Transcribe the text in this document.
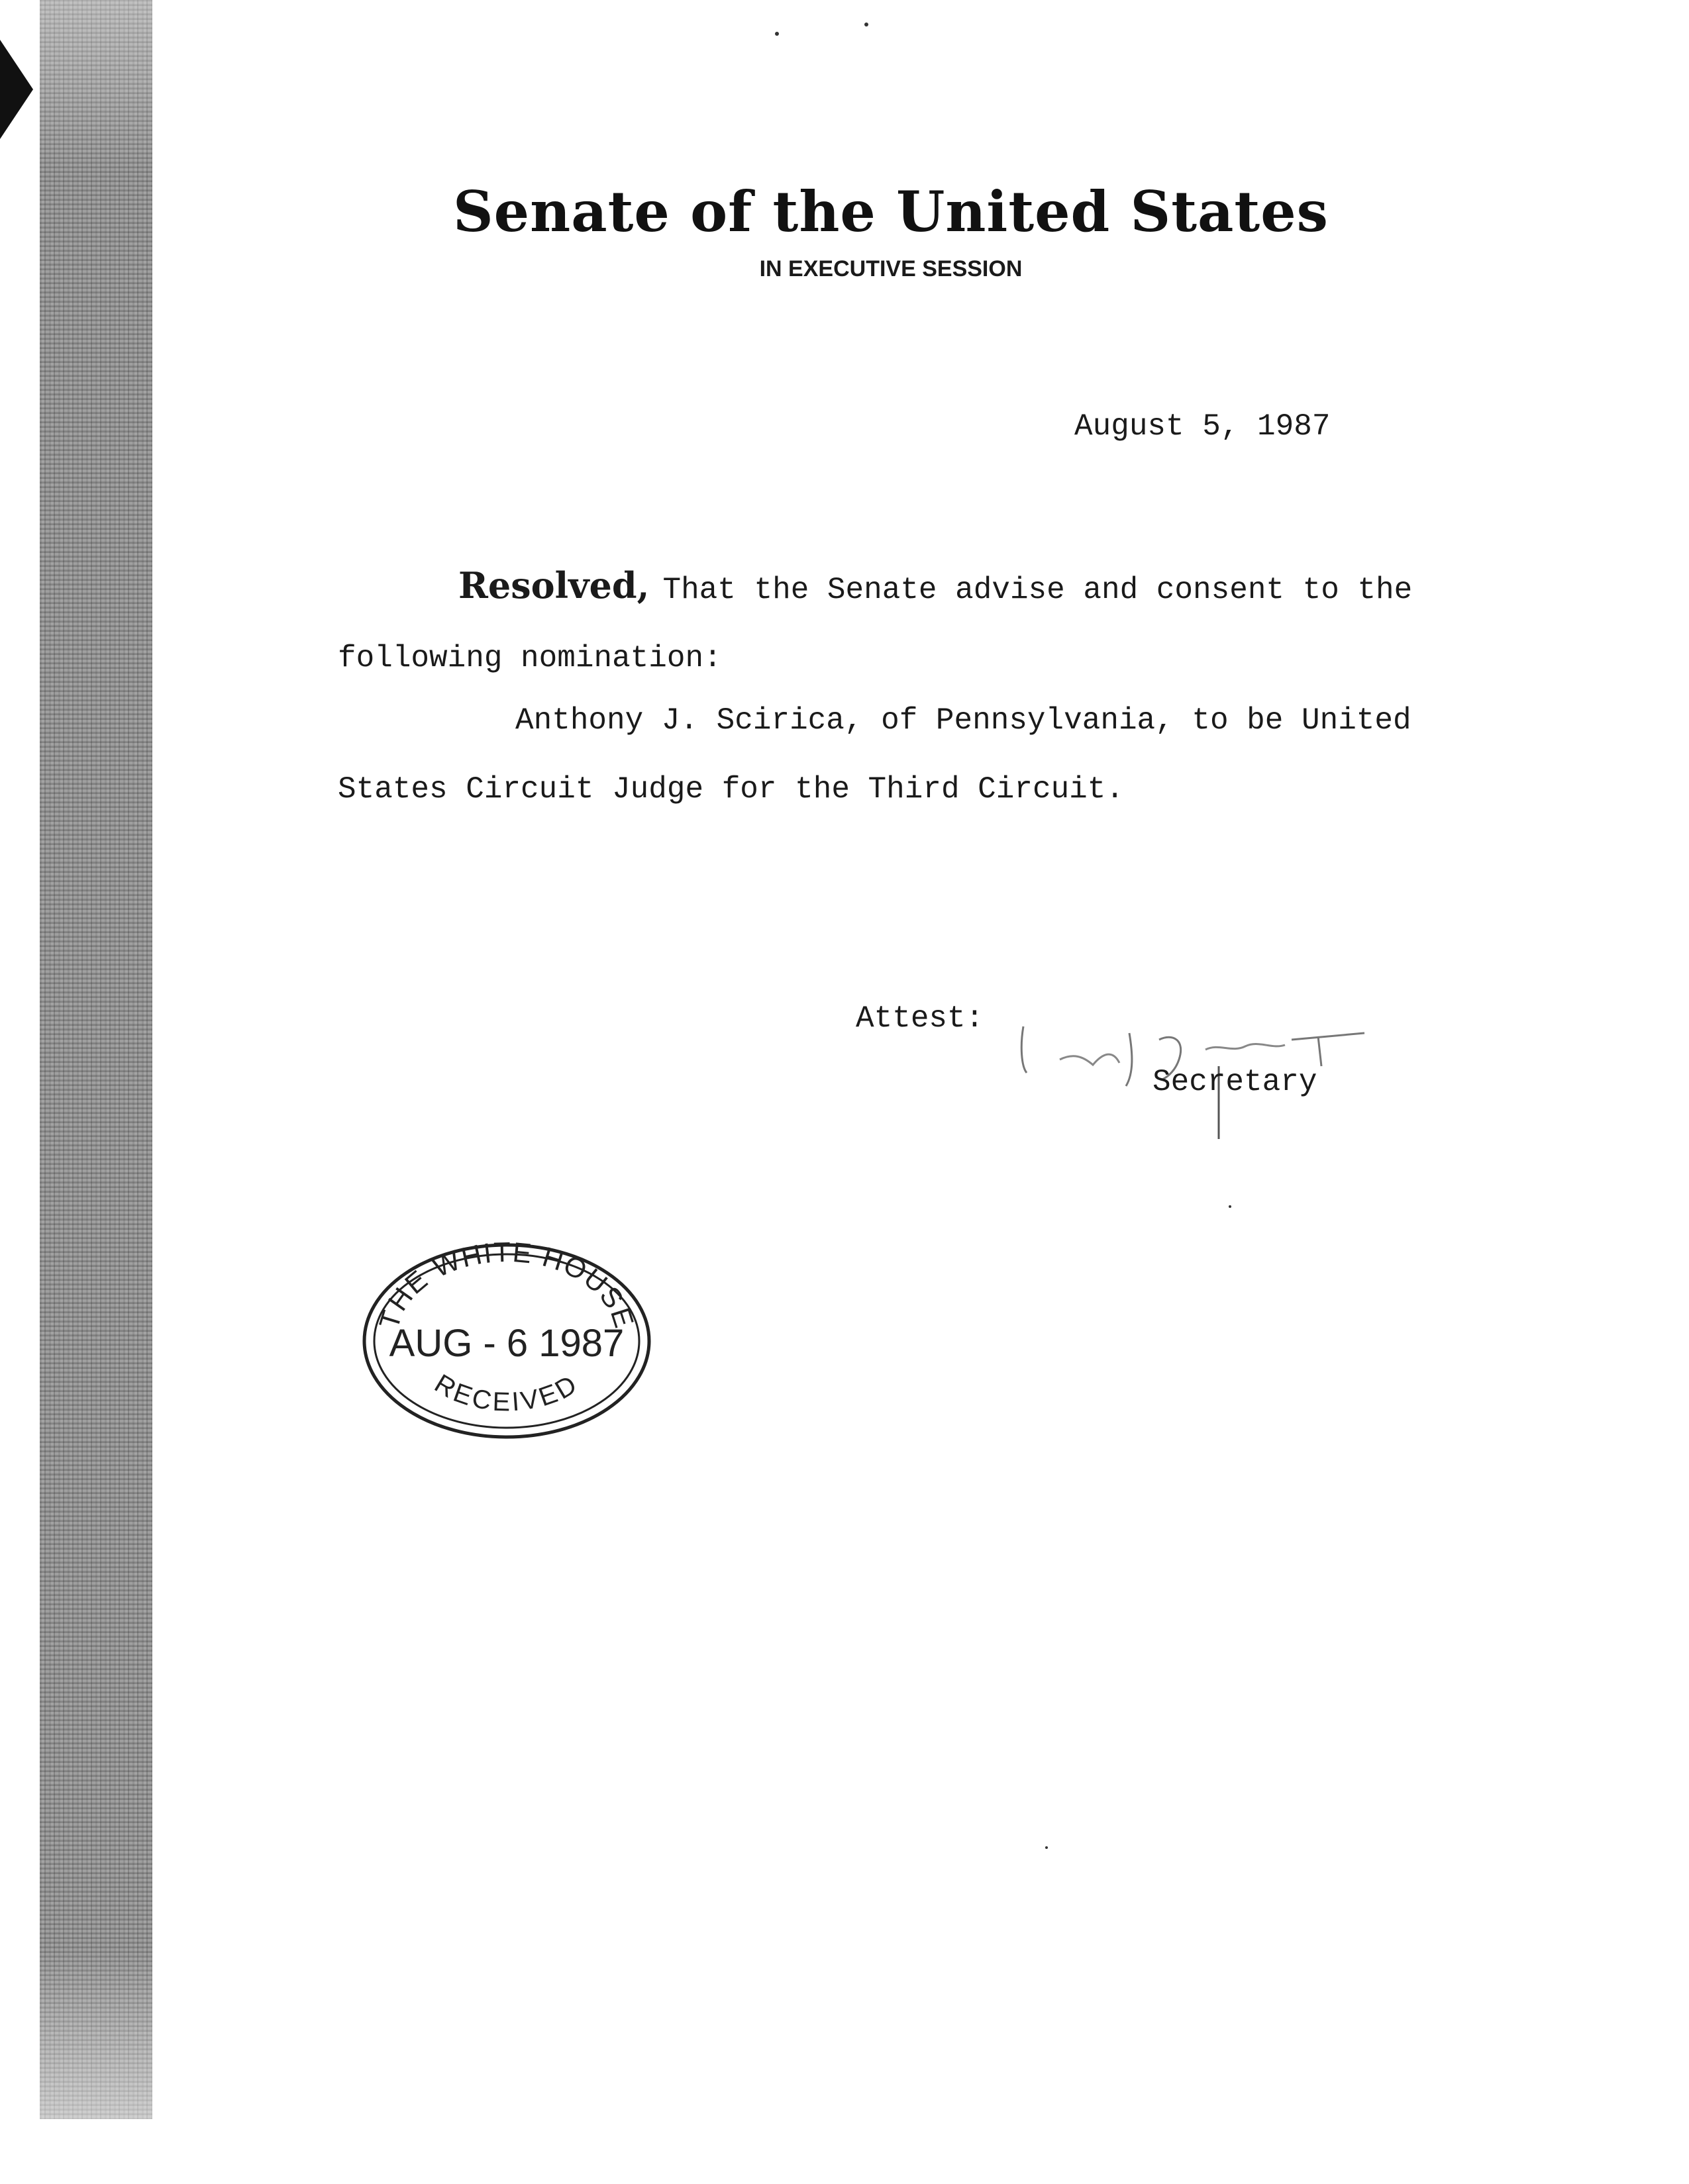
Senate of the United States
IN EXECUTIVE SESSION
August 5, 1987
Resolved, That the Senate advise and consent to the
following nomination:
Anthony J. Scirica, of Pennsylvania, to be United
States Circuit Judge for the Third Circuit.
Attest:
Secretary
THE WHITE HOUSE
AUG - 6 1987
RECEIVED
